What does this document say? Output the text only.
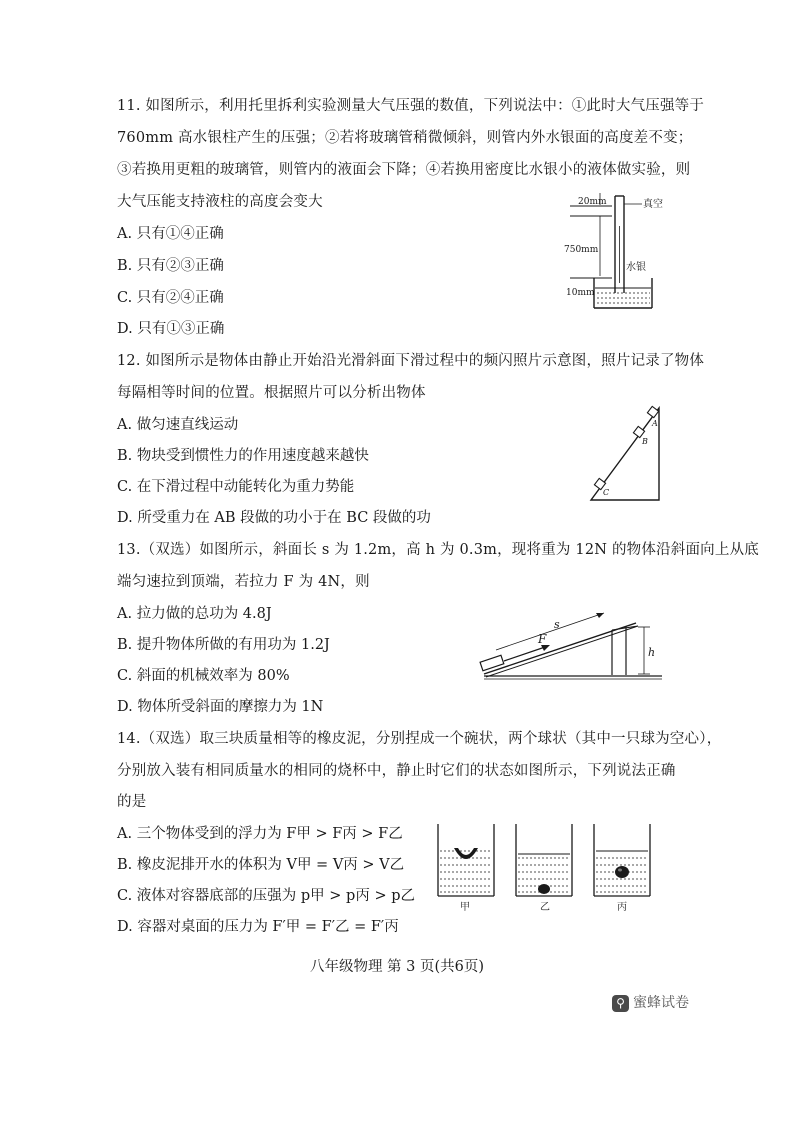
11. 如图所示，利用托里拆利实验测量大气压强的数值，下列说法中：①此时大气压强等于
760mm 高水银柱产生的压强；②若将玻璃管稍微倾斜，则管内外水银面的高度差不变；
③若换用更粗的玻璃管，则管内的液面会下降；④若换用密度比水银小的液体做实验，则
大气压能支持液柱的高度会变大
A. 只有①④正确
B. 只有②③正确
C. 只有②④正确
D. 只有①③正确
20mm
750mm
10mm
真空
水银
12. 如图所示是物体由静止开始沿光滑斜面下滑过程中的频闪照片示意图，照片记录了物体
每隔相等时间的位置。根据照片可以分析出物体
A. 做匀速直线运动
B. 物块受到惯性力的作用速度越来越快
C. 在下滑过程中动能转化为重力势能
D. 所受重力在 AB 段做的功小于在 BC 段做的功
A
B
C
13.（双选）如图所示，斜面长 s 为 1.2m，高 h 为 0.3m，现将重为 12N 的物体沿斜面向上从底
端匀速拉到顶端，若拉力 F 为 4N，则
A. 拉力做的总功为 4.8J
B. 提升物体所做的有用功为 1.2J
C. 斜面的机械效率为 80%
D. 物体所受斜面的摩擦力为 1N
h
s
F
14.（双选）取三块质量相等的橡皮泥，分别捏成一个碗状，两个球状（其中一只球为空心），
分别放入装有相同质量水的相同的烧杯中，静止时它们的状态如图所示，下列说法正确
的是
A. 三个物体受到的浮力为 F甲 > F丙 > F乙
B. 橡皮泥排开水的体积为 V甲 = V丙 > V乙
C. 液体对容器底部的压强为 p甲 > p丙 > p乙
D. 容器对桌面的压力为 F′甲 = F′乙 = F′丙
甲	乙	丙
八年级物理 第 3 页(共6页)
⚲ 蜜蜂试卷
